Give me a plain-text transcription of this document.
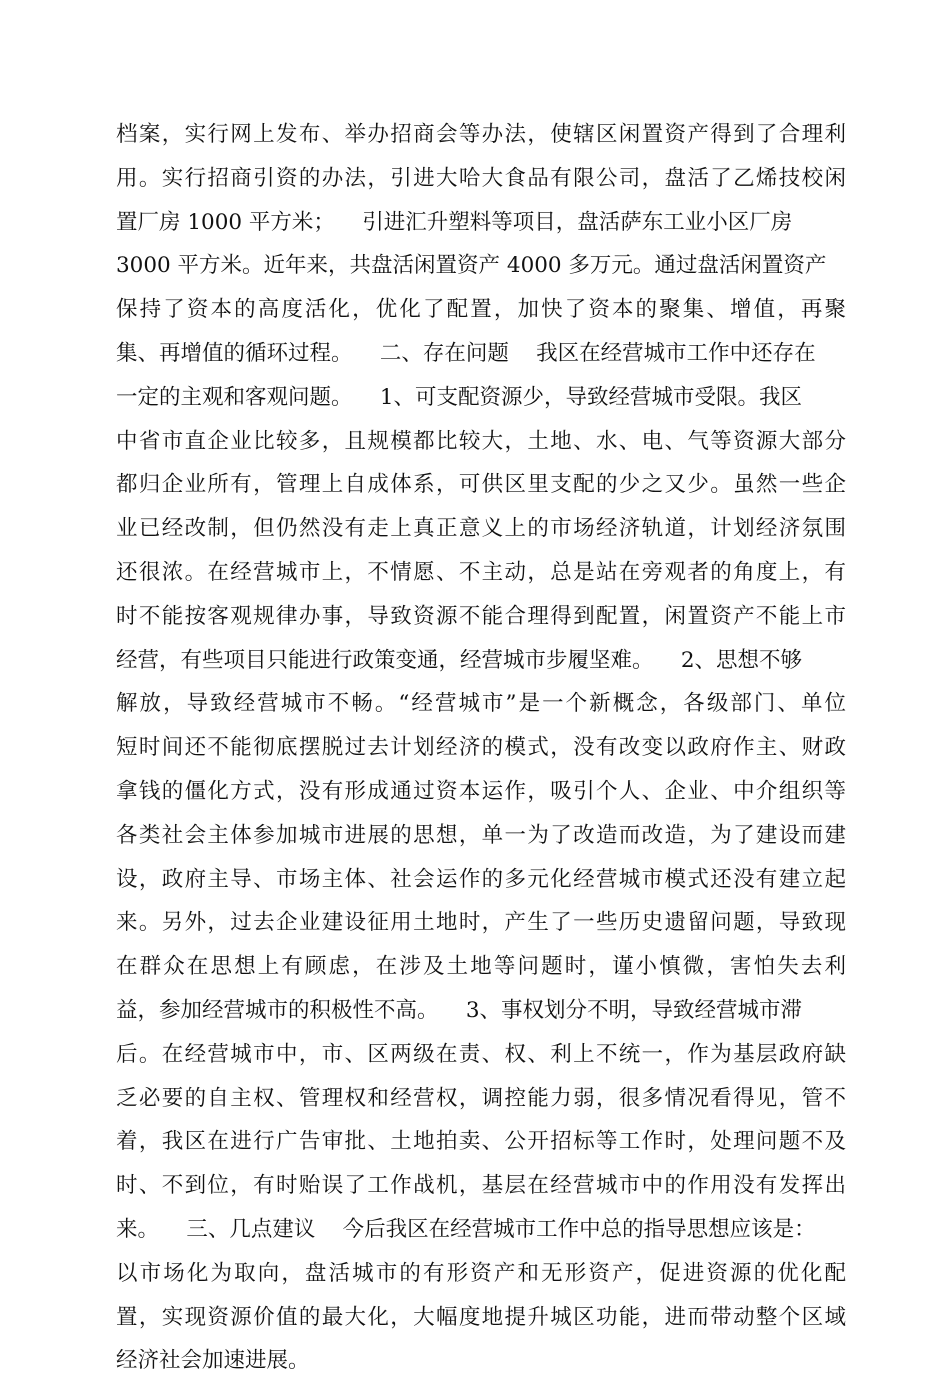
档案，实行网上发布、举办招商会等办法，使辖区闲置资产得到了合理利
用。实行招商引资的办法，引进大哈大食品有限公司，盘活了乙烯技校闲
置厂房 1000 平方米；    引进汇升塑料等项目，盘活萨东工业小区厂房
3000 平方米。近年来，共盘活闲置资产 4000 多万元。通过盘活闲置资产
保持了资本的高度活化，优化了配置，加快了资本的聚集、增值，再聚
集、再增值的循环过程。    二、存在问题    我区在经营城市工作中还存在
一定的主观和客观问题。    1、可支配资源少，导致经营城市受限。我区
中省市直企业比较多，且规模都比较大，土地、水、电、气等资源大部分
都归企业所有，管理上自成体系，可供区里支配的少之又少。虽然一些企
业已经改制，但仍然没有走上真正意义上的市场经济轨道，计划经济氛围
还很浓。在经营城市上，不情愿、不主动，总是站在旁观者的角度上，有
时不能按客观规律办事，导致资源不能合理得到配置，闲置资产不能上市
经营，有些项目只能进行政策变通，经营城市步履坚难。    2、思想不够
解放，导致经营城市不畅。“经营城市”是一个新概念，各级部门、单位
短时间还不能彻底摆脱过去计划经济的模式，没有改变以政府作主、财政
拿钱的僵化方式，没有形成通过资本运作，吸引个人、企业、中介组织等
各类社会主体参加城市进展的思想，单一为了改造而改造，为了建设而建
设，政府主导、市场主体、社会运作的多元化经营城市模式还没有建立起
来。另外，过去企业建设征用土地时，产生了一些历史遗留问题，导致现
在群众在思想上有顾虑，在涉及土地等问题时，谨小慎微，害怕失去利
益，参加经营城市的积极性不高。    3、事权划分不明，导致经营城市滞
后。在经营城市中，市、区两级在责、权、利上不统一，作为基层政府缺
乏必要的自主权、管理权和经营权，调控能力弱，很多情况看得见，管不
着，我区在进行广告审批、土地拍卖、公开招标等工作时，处理问题不及
时、不到位，有时贻误了工作战机，基层在经营城市中的作用没有发挥出
来。    三、几点建议    今后我区在经营城市工作中总的指导思想应该是：
以市场化为取向，盘活城市的有形资产和无形资产，促进资源的优化配
置，实现资源价值的最大化，大幅度地提升城区功能，进而带动整个区域
经济社会加速进展。
